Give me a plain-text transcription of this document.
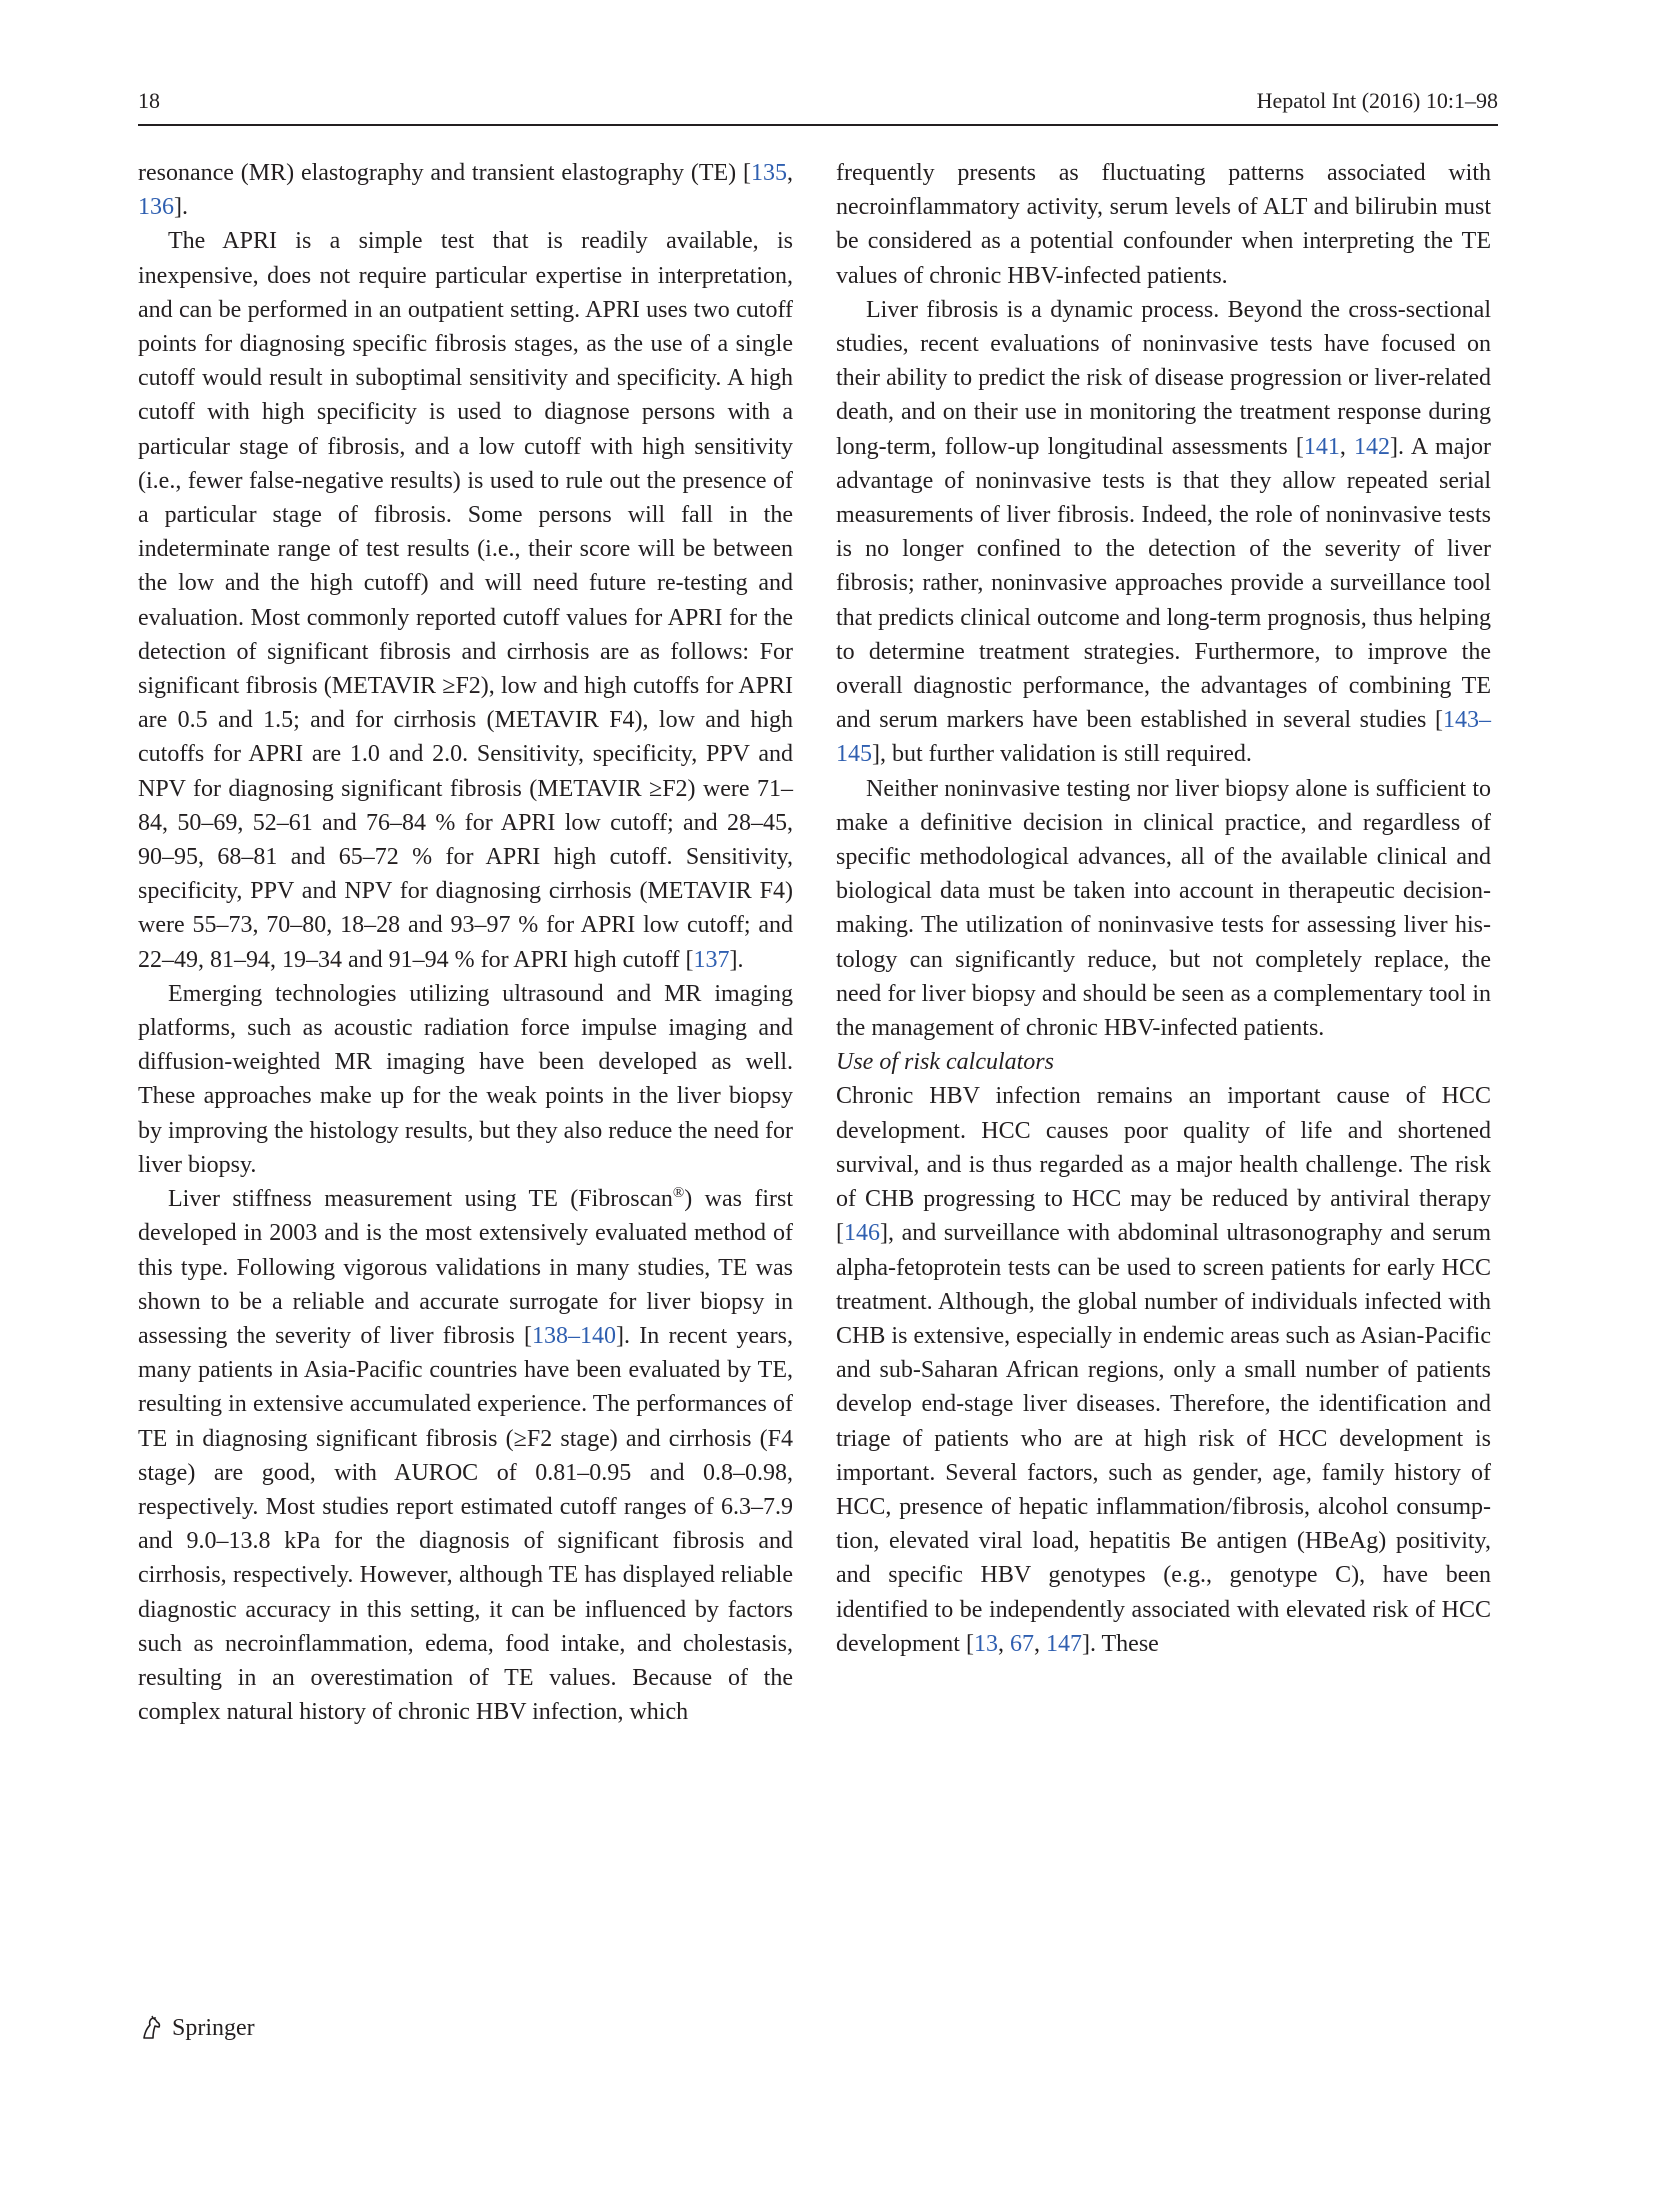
18	Hepatol Int (2016) 10:1–98

resonance (MR) elastography and transient elastography (TE) [135, 136].

The APRI is a simple test that is readily available, is inexpensive, does not require particular expertise in interpretation, and can be performed in an outpatient setting. APRI uses two cutoff points for diagnosing specific fibrosis stages, as the use of a single cutoff would result in suboptimal sensitivity and specificity. A high cutoff with high specificity is used to diagnose persons with a particular stage of fibrosis, and a low cutoff with high sensitivity (i.e., fewer false-negative results) is used to rule out the presence of a particular stage of fibrosis. Some persons will fall in the indeterminate range of test results (i.e., their score will be between the low and the high cutoff) and will need future re-testing and evaluation. Most commonly reported cutoff values for APRI for the detection of significant fibrosis and cirrhosis are as follows: For significant fibrosis (METAVIR ≥F2), low and high cutoffs for APRI are 0.5 and 1.5; and for cirrhosis (METAVIR F4), low and high cutoffs for APRI are 1.0 and 2.0. Sensitivity, specificity, PPV and NPV for diagnosing significant fibrosis (METAVIR ≥F2) were 71–84, 50–69, 52–61 and 76–84 % for APRI low cutoff; and 28–45, 90–95, 68–81 and 65–72 % for APRI high cutoff. Sensitivity, specificity, PPV and NPV for diagnosing cirrhosis (METAVIR F4) were 55–73, 70–80, 18–28 and 93–97 % for APRI low cutoff; and 22–49, 81–94, 19–34 and 91–94 % for APRI high cutoff [137].

Emerging technologies utilizing ultrasound and MR imaging platforms, such as acoustic radiation force impulse imaging and diffusion-weighted MR imaging have been developed as well. These approaches make up for the weak points in the liver biopsy by improving the histology results, but they also reduce the need for liver biopsy.

Liver stiffness measurement using TE (Fibroscan®) was first developed in 2003 and is the most extensively evaluated method of this type. Following vigorous validations in many studies, TE was shown to be a reliable and accurate surrogate for liver biopsy in assessing the severity of liver fibrosis [138–140]. In recent years, many patients in Asia-Pacific countries have been evaluated by TE, resulting in extensive accumulated experience. The performances of TE in diagnosing significant fibrosis (≥F2 stage) and cirrhosis (F4 stage) are good, with AUROC of 0.81–0.95 and 0.8–0.98, respectively. Most studies report estimated cutoff ranges of 6.3–7.9 and 9.0–13.8 kPa for the diagnosis of significant fibrosis and cirrhosis, respectively. However, although TE has displayed reliable diagnostic accuracy in this setting, it can be influenced by factors such as necroinflammation, edema, food intake, and cholestasis, resulting in an overestimation of TE values. Because of the complex natural history of chronic HBV infection, which

frequently presents as fluctuating patterns associated with necroinflammatory activity, serum levels of ALT and bilirubin must be considered as a potential confounder when interpreting the TE values of chronic HBV-infected patients.

Liver fibrosis is a dynamic process. Beyond the cross-sectional studies, recent evaluations of noninvasive tests have focused on their ability to predict the risk of disease progression or liver-related death, and on their use in monitoring the treatment response during long-term, follow-up longitudinal assessments [141, 142]. A major advantage of noninvasive tests is that they allow repeated serial measurements of liver fibrosis. Indeed, the role of noninvasive tests is no longer confined to the detection of the severity of liver fibrosis; rather, noninvasive approaches provide a surveillance tool that predicts clinical outcome and long-term prognosis, thus helping to determine treatment strategies. Furthermore, to improve the overall diagnostic performance, the advantages of combining TE and serum markers have been established in several studies [143–145], but further validation is still required.

Neither noninvasive testing nor liver biopsy alone is sufficient to make a definitive decision in clinical practice, and regardless of specific methodological advances, all of the available clinical and biological data must be taken into account in therapeutic decision-making. The utilization of noninvasive tests for assessing liver histology can significantly reduce, but not completely replace, the need for liver biopsy and should be seen as a complementary tool in the management of chronic HBV-infected patients.

Use of risk calculators

Chronic HBV infection remains an important cause of HCC development. HCC causes poor quality of life and shortened survival, and is thus regarded as a major health challenge. The risk of CHB progressing to HCC may be reduced by antiviral therapy [146], and surveillance with abdominal ultrasonography and serum alpha-fetoprotein tests can be used to screen patients for early HCC treatment. Although, the global number of individuals infected with CHB is extensive, especially in endemic areas such as Asian-Pacific and sub-Saharan African regions, only a small number of patients develop end-stage liver diseases. Therefore, the identification and triage of patients who are at high risk of HCC development is important. Several factors, such as gender, age, family history of HCC, presence of hepatic inflammation/fibrosis, alcohol consumption, elevated viral load, hepatitis Be antigen (HBeAg) positivity, and specific HBV genotypes (e.g., genotype C), have been identified to be independently associated with elevated risk of HCC development [13, 67, 147]. These

Springer
